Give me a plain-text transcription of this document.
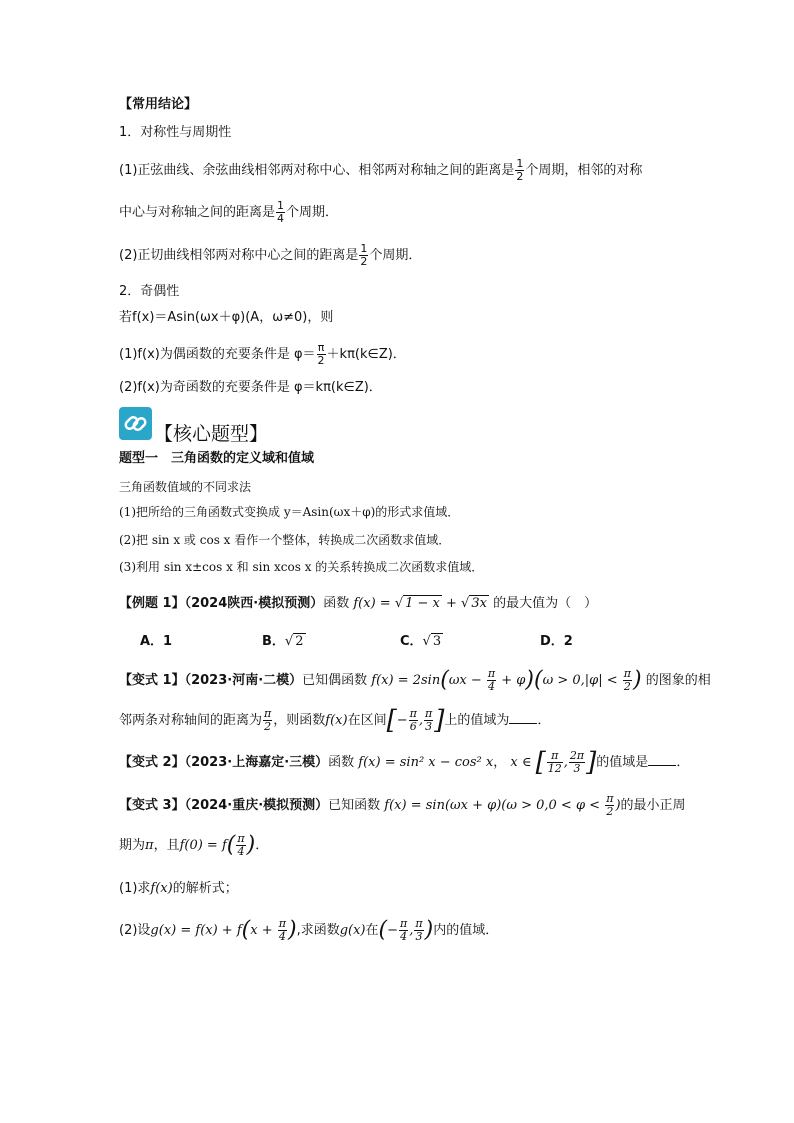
【常用结论】
1．对称性与周期性
(1)正弦曲线、余弦曲线相邻两对称中心、相邻两对称轴之间的距离是 $\frac{1}{2}$ 个周期，相邻的对称
中心与对称轴之间的距离是 $\frac{1}{4}$ 个周期．
(2)正切曲线相邻两对称中心之间的距离是 $\frac{1}{2}$ 个周期．
2．奇偶性
若f(x)＝Asin(ωx＋φ)(A，ω≠0)，则
(1)f(x)为偶函数的充要条件是 $\varphi= \frac{\pi}{2}$ ＋kπ(k∈Z)．
(2)f(x)为奇函数的充要条件是 φ＝kπ(k∈Z)．
【核心题型】
题型一　三角函数的定义域和值域
三角函数值域的不同求法
(1)把所给的三角函数式变换成 y＝Asin(ωx＋φ)的形式求值域．
(2)把 sin x 或 cos x 看作一个整体，转换成二次函数求值域．
(3)利用 sin x±cos x 和 sin xcos x 的关系转换成二次函数求值域．
【例题 1】（2024陕西·模拟预测）函数 f(x) = √ 1 − x + √ 3x 的最大值为（　）
A．1	B．√ 2	C．√ 3	D．2
【变式 1】（2023·河南·二模）已知偶函数 $f(x) = 2\sin(\omega x - \frac{\pi}{4} + \varphi)(\omega > 0,|\varphi| < \frac{\pi}{2}$ ) 的图象的相
邻两条对称轴间的距离为 $\frac{\pi}{2}$ ，则函数f(x)在区间[− $\frac{\pi}{6}$ , $\frac{\pi}{3}$ ]上的值域为 ．
【变式 2】（2023·上海嘉定·三模）函数 f(x) = sin² x − cos² x， x ∈ [ $\frac{\pi}{12}$ , $\frac{2\pi}{3}$ ]的值域是 ．
【变式 3】（2024·重庆·模拟预测）已知函数 $f(x) = \sin(\omega x + \varphi)(\omega > 0,0 < \varphi < \frac{\pi}{2}$ )的最小正周
期为π，且$f(0) = f( \frac{\pi}{4}$ )．
(1)求f(x)的解析式；
(2)设$g(x) = f(x) + f(x + \frac{\pi}{4}$ ),求函数g(x)在(− $\frac{\pi}{4}$ , $\frac{\pi}{3}$ )内的值域．
